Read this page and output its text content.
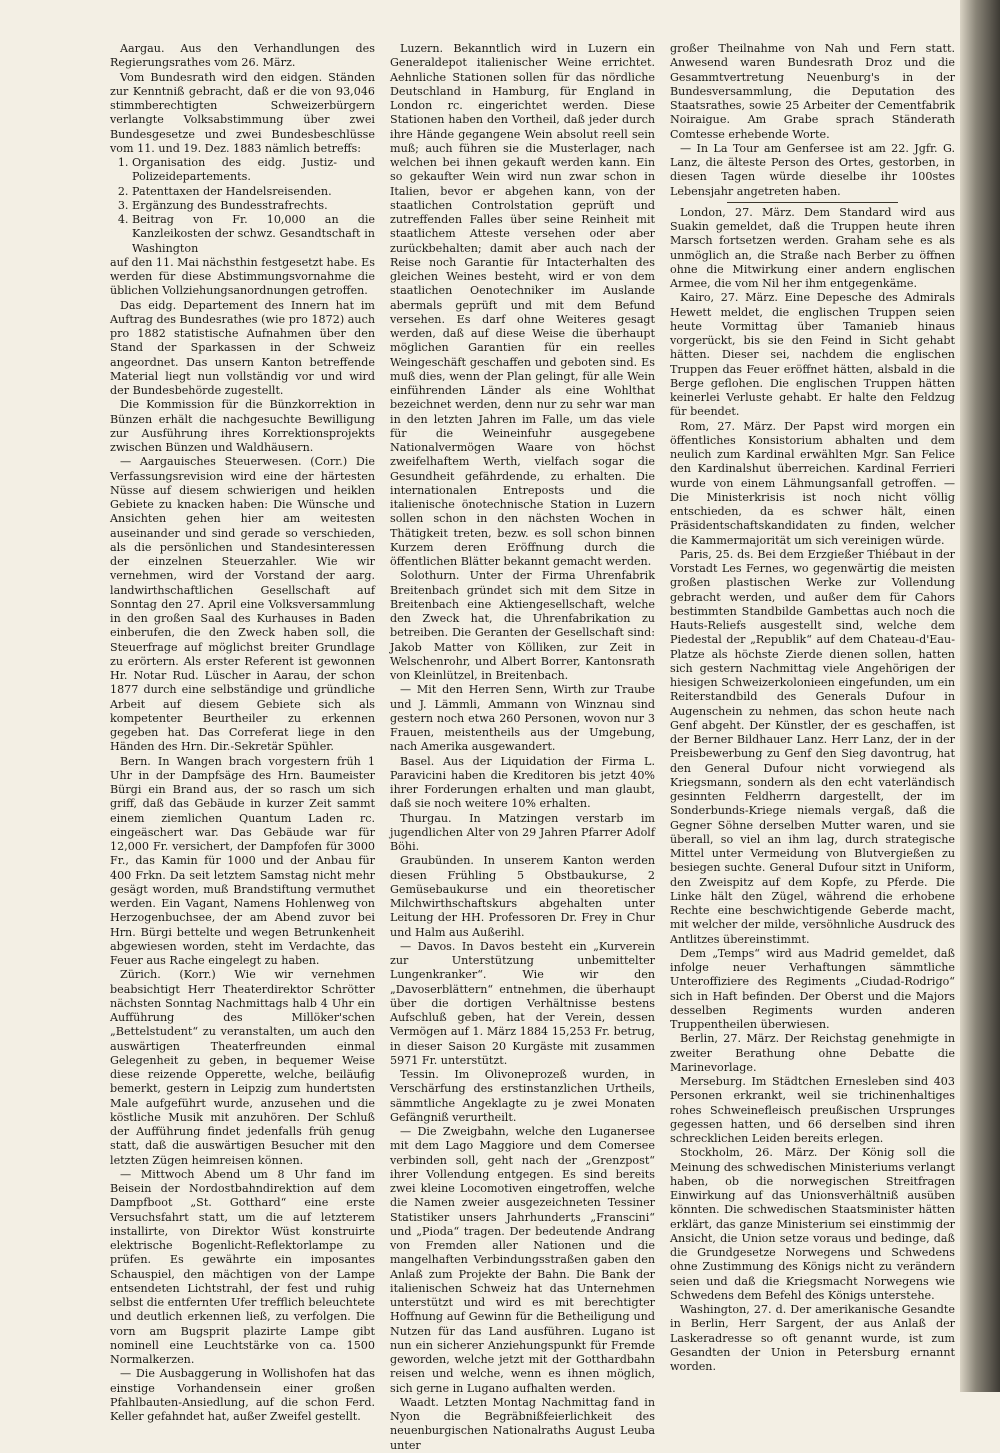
Aargau. Aus den Verhandlungen des Regierungsrathes vom 26. März.

Vom Bundesrath wird den eidgen. Ständen zur Kenntniß gebracht, daß er die von 93,046 stimmberechtigten Schweizerbürgern verlangte Volksabstimmung über zwei Bundesgesetze und zwei Bundesbeschlüsse vom 11. und 19. Dez. 1883 nämlich betreffs:

1. Organisation des eidg. Justiz- und Polizeidepartements.
2. Patenttaxen der Handelsreisenden.
3. Ergänzung des Bundesstrafrechts.
4. Beitrag von Fr. 10,000 an die Kanzleikosten der schwz. Gesandtschaft in Washington

auf den 11. Mai nächsthin festgesetzt habe. Es werden für diese Abstimmungsvornahme die üblichen Vollziehungsanordnungen getroffen.

Das eidg. Departement des Innern hat im Auftrag des Bundesrathes (wie pro 1872) auch pro 1882 statistische Aufnahmen über den Stand der Sparkassen in der Schweiz angeordnet. Das unsern Kanton betreffende Material liegt nun vollständig vor und wird der Bundesbehörde zugestellt.

Die Kommission für die Bünzkorrektion in Bünzen erhält die nachgesuchte Bewilligung zur Ausführung ihres Korrektionsprojekts zwischen Bünzen und Waldhäusern.

— Aargauisches Steuerwesen. (Corr.) Die Verfassungsrevision wird eine der härtesten Nüsse auf diesem schwierigen und heiklen Gebiete zu knacken haben: Die Wünsche und Ansichten gehen hier am weitesten auseinander und sind gerade so verschieden, als die persönlichen und Standesinteressen der einzelnen Steuerzahler. Wie wir vernehmen, wird der Vorstand der aarg. landwirthschaftlichen Gesellschaft auf Sonntag den 27. April eine Volksversammlung in den großen Saal des Kurhauses in Baden einberufen, die den Zweck haben soll, die Steuerfrage auf möglichst breiter Grundlage zu erörtern. Als erster Referent ist gewonnen Hr. Notar Rud. Lüscher in Aarau, der schon 1877 durch eine selbständige und gründliche Arbeit auf diesem Gebiete sich als kompetenter Beurtheiler zu erkennen gegeben hat. Das Correferat liege in den Händen des Hrn. Dir.-Sekretär Spühler.

Bern. In Wangen brach vorgestern früh 1 Uhr in der Dampfsäge des Hrn. Baumeister Bürgi ein Brand aus, der so rasch um sich griff, daß das Gebäude in kurzer Zeit sammt einem ziemlichen Quantum Laden rc. eingeäschert war. Das Gebäude war für 12,000 Fr. versichert, der Dampfofen für 3000 Fr., das Kamin für 1000 und der Anbau für 400 Frkn. Da seit letztem Samstag nicht mehr gesägt worden, muß Brandstiftung vermuthet werden. Ein Vagant, Namens Hohlenweg von Herzogenbuchsee, der am Abend zuvor bei Hrn. Bürgi bettelte und wegen Betrunkenheit abgewiesen worden, steht im Verdachte, das Feuer aus Rache eingelegt zu haben.

Zürich. (Korr.) Wie wir vernehmen beabsichtigt Herr Theaterdirektor Schrötter nächsten Sonntag Nachmittags halb 4 Uhr ein Aufführung des Millöker'schen „Bettelstudent“ zu veranstalten, um auch den auswärtigen Theaterfreunden einmal Gelegenheit zu geben, in bequemer Weise diese reizende Opperette, welche, beiläufig bemerkt, gestern in Leipzig zum hundertsten Male aufgeführt wurde, anzusehen und die köstliche Musik mit anzuhören. Der Schluß der Aufführung findet jedenfalls früh genug statt, daß die auswärtigen Besucher mit den letzten Zügen heimreisen können.

— Mittwoch Abend um 8 Uhr fand im Beisein der Nordostbahndirektion auf dem Dampfboot „St. Gotthard“ eine erste Versuchsfahrt statt, um die auf letzterem installirte, von Direktor Wüst konstruirte elektrische Bogenlicht-Reflektorlampe zu prüfen. Es gewährte ein imposantes Schauspiel, den mächtigen von der Lampe entsendeten Lichtstrahl, der fest und ruhig selbst die entfernten Ufer trefflich beleuchtete und deutlich erkennen ließ, zu verfolgen. Die vorn am Bugsprit plazirte Lampe gibt nominell eine Leuchtstärke von ca. 1500 Normalkerzen.

— Die Ausbaggerung in Wollishofen hat das einstige Vorhandensein einer großen Pfahlbauten-Ansiedlung, auf die schon Ferd. Keller gefahndet hat, außer Zweifel gestellt.

Luzern. Bekanntlich wird in Luzern ein Generaldepot italienischer Weine errichtet. Aehnliche Stationen sollen für das nördliche Deutschland in Hamburg, für England in London rc. eingerichtet werden. Diese Stationen haben den Vortheil, daß jeder durch ihre Hände gegangene Wein absolut reell sein muß; auch führen sie die Musterlager, nach welchen bei ihnen gekauft werden kann. Ein so gekaufter Wein wird nun zwar schon in Italien, bevor er abgehen kann, von der staatlichen Controlstation geprüft und zutreffenden Falles über seine Reinheit mit staatlichem Atteste versehen oder aber zurückbehalten; damit aber auch nach der Reise noch Garantie für Intacterhalten des gleichen Weines besteht, wird er von dem staatlichen Oenotechniker im Auslande abermals geprüft und mit dem Befund versehen. Es darf ohne Weiteres gesagt werden, daß auf diese Weise die überhaupt möglichen Garantien für ein reelles Weingeschäft geschaffen und geboten sind. Es muß dies, wenn der Plan gelingt, für alle Wein einführenden Länder als eine Wohlthat bezeichnet werden, denn nur zu sehr war man in den letzten Jahren im Falle, um das viele für die Weineinfuhr ausgegebene Nationalvermögen Waare von höchst zweifelhaftem Werth, vielfach sogar die Gesundheit gefährdende, zu erhalten. Die internationalen Entreposts und die italienische önotechnische Station in Luzern sollen schon in den nächsten Wochen in Thätigkeit treten, bezw. es soll schon binnen Kurzem deren Eröffnung durch die öffentlichen Blätter bekannt gemacht werden.

Solothurn. Unter der Firma Uhrenfabrik Breitenbach gründet sich mit dem Sitze in Breitenbach eine Aktiengesellschaft, welche den Zweck hat, die Uhrenfabrikation zu betreiben. Die Geranten der Gesellschaft sind: Jakob Matter von Kölliken, zur Zeit in Welschenrohr, und Albert Borrer, Kantonsrath von Kleinlützel, in Breitenbach.

— Mit den Herren Senn, Wirth zur Traube und J. Lämmli, Ammann von Winznau sind gestern noch etwa 260 Personen, wovon nur 3 Frauen, meistentheils aus der Umgebung, nach Amerika ausgewandert.

Basel. Aus der Liquidation der Firma L. Paravicini haben die Kreditoren bis jetzt 40% ihrer Forderungen erhalten und man glaubt, daß sie noch weitere 10% erhalten.

Thurgau. In Matzingen verstarb im jugendlichen Alter von 29 Jahren Pfarrer Adolf Böhi.

Graubünden. In unserem Kanton werden diesen Frühling 5 Obstbaukurse, 2 Gemüsebaukurse und ein theoretischer Milchwirthschaftskurs abgehalten unter Leitung der HH. Professoren Dr. Frey in Chur und Halm aus Außerihl.

— Davos. In Davos besteht ein „Kurverein zur Unterstützung unbemittelter Lungenkranker“. Wie wir den „Davoserblättern“ entnehmen, die überhaupt über die dortigen Verhältnisse bestens Aufschluß geben, hat der Verein, dessen Vermögen auf 1. März 1884 15,253 Fr. betrug, in dieser Saison 20 Kurgäste mit zusammen 5971 Fr. unterstützt.

Tessin. Im Olivoneprozeß wurden, in Verschärfung des erstinstanzlichen Urtheils, sämmtliche Angeklagte zu je zwei Monaten Gefängniß verurtheilt.

— Die Zweigbahn, welche den Luganersee mit dem Lago Maggiore und dem Comersee verbinden soll, geht nach der „Grenzpost“ ihrer Vollendung entgegen. Es sind bereits zwei kleine Locomotiven eingetroffen, welche die Namen zweier ausgezeichneten Tessiner Statistiker unsers Jahrhunderts „Franscini“ und „Pioda“ tragen. Der bedeutende Andrang von Fremden aller Nationen und die mangelhaften Verbindungsstraßen gaben den Anlaß zum Projekte der Bahn. Die Bank der italienischen Schweiz hat das Unternehmen unterstützt und wird es mit berechtigter Hoffnung auf Gewinn für die Betheiligung und Nutzen für das Land ausführen. Lugano ist nun ein sicherer Anziehungspunkt für Fremde geworden, welche jetzt mit der Gotthardbahn reisen und welche, wenn es ihnen möglich, sich gerne in Lugano aufhalten werden.

Waadt. Letzten Montag Nachmittag fand in Nyon die Begräbnißfeierlichkeit des neuenburgischen Nationalraths August Leuba unter

großer Theilnahme von Nah und Fern statt. Anwesend waren Bundesrath Droz und die Gesammtvertretung Neuenburg's in der Bundesversammlung, die Deputation des Staatsrathes, sowie 25 Arbeiter der Cementfabrik Noiraigue. Am Grabe sprach Ständerath Comtesse erhebende Worte.

— In La Tour am Genfersee ist am 22. Jgfr. G. Lanz, die älteste Person des Ortes, gestorben, in diesen Tagen würde dieselbe ihr 100stes Lebensjahr angetreten haben.

London, 27. März. Dem Standard wird aus Suakin gemeldet, daß die Truppen heute ihren Marsch fortsetzen werden. Graham sehe es als unmöglich an, die Straße nach Berber zu öffnen ohne die Mitwirkung einer andern englischen Armee, die vom Nil her ihm entgegenkäme.

Kairo, 27. März. Eine Depesche des Admirals Hewett meldet, die englischen Truppen seien heute Vormittag über Tamanieb hinaus vorgerückt, bis sie den Feind in Sicht gehabt hätten. Dieser sei, nachdem die englischen Truppen das Feuer eröffnet hätten, alsbald in die Berge geflohen. Die englischen Truppen hätten keinerlei Verluste gehabt. Er halte den Feldzug für beendet.

Rom, 27. März. Der Papst wird morgen ein öffentliches Konsistorium abhalten und dem neulich zum Kardinal erwählten Mgr. San Felice den Kardinalshut überreichen. Kardinal Ferrieri wurde von einem Lähmungsanfall getroffen. — Die Ministerkrisis ist noch nicht völlig entschieden, da es schwer hält, einen Präsidentschaftskandidaten zu finden, welcher die Kammermajorität um sich vereinigen würde.

Paris, 25. ds. Bei dem Erzgießer Thiébaut in der Vorstadt Les Fernes, wo gegenwärtig die meisten großen plastischen Werke zur Vollendung gebracht werden, und außer dem für Cahors bestimmten Standbilde Gambettas auch noch die Hauts-Reliefs ausgestellt sind, welche dem Piedestal der „Republik“ auf dem Chateau-d'Eau-Platze als höchste Zierde dienen sollen, hatten sich gestern Nachmittag viele Angehörigen der hiesigen Schweizerkolonieen eingefunden, um ein Reiterstandbild des Generals Dufour in Augenschein zu nehmen, das schon heute nach Genf abgeht. Der Künstler, der es geschaffen, ist der Berner Bildhauer Lanz. Herr Lanz, der in der Preisbewerbung zu Genf den Sieg davontrug, hat den General Dufour nicht vorwiegend als Kriegsmann, sondern als den echt vaterländisch gesinnten Feldherrn dargestellt, der im Sonderbunds-Kriege niemals vergaß, daß die Gegner Söhne derselben Mutter waren, und sie überall, so viel an ihm lag, durch strategische Mittel unter Vermeidung von Blutvergießen zu besiegen suchte. General Dufour sitzt in Uniform, den Zweispitz auf dem Kopfe, zu Pferde. Die Linke hält den Zügel, während die erhobene Rechte eine beschwichtigende Geberde macht, mit welcher der milde, versöhnliche Ausdruck des Antlitzes übereinstimmt.

Dem „Temps“ wird aus Madrid gemeldet, daß infolge neuer Verhaftungen sämmtliche Unteroffiziere des Regiments „Ciudad-Rodrigo“ sich in Haft befinden. Der Oberst und die Majors desselben Regiments wurden anderen Truppentheilen überwiesen.

Berlin, 27. März. Der Reichstag genehmigte in zweiter Berathung ohne Debatte die Marinevorlage.

Merseburg. Im Städtchen Ernesleben sind 403 Personen erkrankt, weil sie trichinenhaltiges rohes Schweinefleisch preußischen Ursprunges gegessen hatten, und 66 derselben sind ihren schrecklichen Leiden bereits erlegen.

Stockholm, 26. März. Der König soll die Meinung des schwedischen Ministeriums verlangt haben, ob die norwegischen Streitfragen Einwirkung auf das Unionsverhältniß ausüben könnten. Die schwedischen Staatsminister hätten erklärt, das ganze Ministerium sei einstimmig der Ansicht, die Union setze voraus und bedinge, daß die Grundgesetze Norwegens und Schwedens ohne Zustimmung des Königs nicht zu verändern seien und daß die Kriegsmacht Norwegens wie Schwedens dem Befehl des Königs unterstehe.

Washington, 27. d. Der amerikanische Gesandte in Berlin, Herr Sargent, der aus Anlaß der Laskeradresse so oft genannt wurde, ist zum Gesandten der Union in Petersburg ernannt worden.
